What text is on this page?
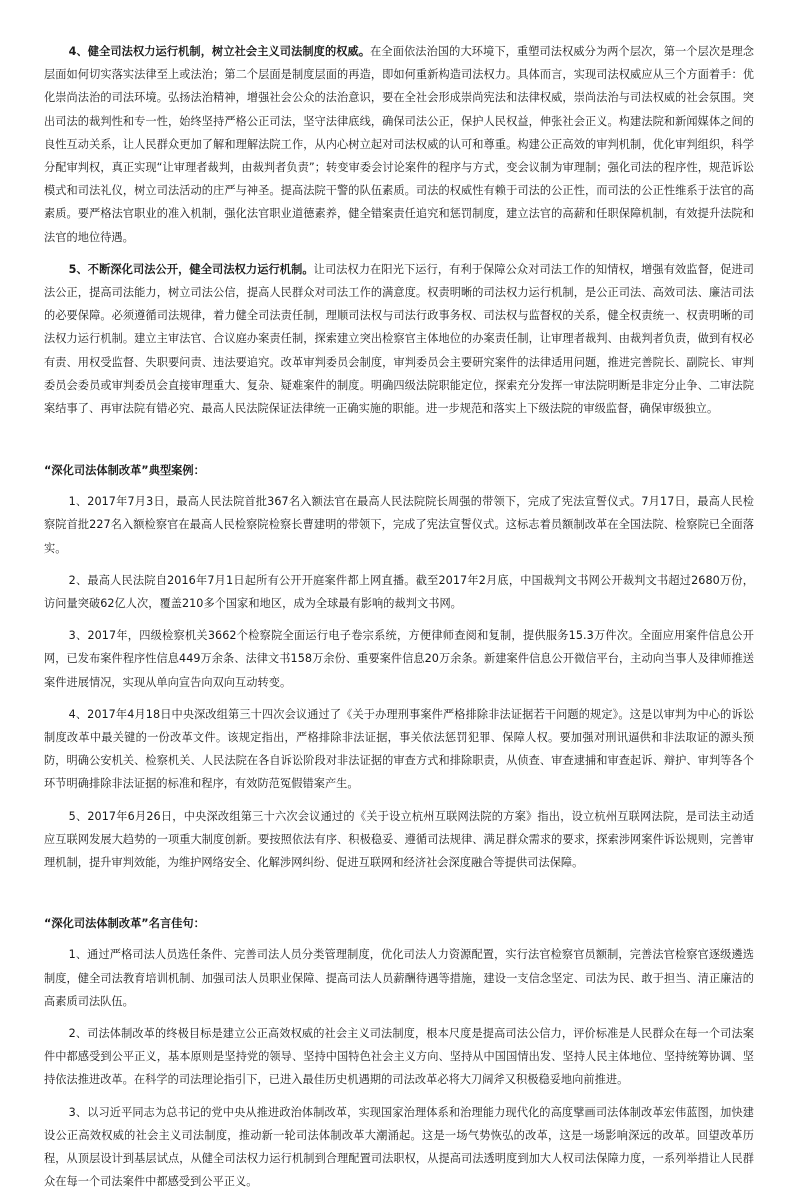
4、健全司法权力运行机制，树立社会主义司法制度的权威。在全面依法治国的大环境下，重塑司法权威分为两个层次，第一个层次是理念层面如何切实落实法律至上或法治；第二个层面是制度层面的再造，即如何重新构造司法权力。具体而言，实现司法权威应从三个方面着手：优化崇尚法治的司法环境。弘扬法治精神，增强社会公众的法治意识，要在全社会形成崇尚宪法和法律权威，崇尚法治与司法权威的社会氛围。突出司法的裁判性和专一性，始终坚持严格公正司法，坚守法律底线，确保司法公正，保护人民权益，伸张社会正义。构建法院和新闻媒体之间的良性互动关系，让人民群众更加了解和理解法院工作，从内心树立起对司法权威的认可和尊重。构建公正高效的审判机制，优化审判组织，科学分配审判权，真正实现“让审理者裁判，由裁判者负责”；转变审委会讨论案件的程序与方式，变会议制为审理制；强化司法的程序性，规范诉讼模式和司法礼仪，树立司法活动的庄严与神圣。提高法院干警的队伍素质。司法的权威性有赖于司法的公正性，而司法的公正性维系于法官的高素质。要严格法官职业的准入机制，强化法官职业道德素养，健全错案责任追究和惩罚制度，建立法官的高薪和任职保障机制，有效提升法院和法官的地位待遇。

5、不断深化司法公开，健全司法权力运行机制。让司法权力在阳光下运行，有利于保障公众对司法工作的知情权，增强有效监督，促进司法公正，提高司法能力，树立司法公信，提高人民群众对司法工作的满意度。权责明晰的司法权力运行机制，是公正司法、高效司法、廉洁司法的必要保障。必须遵循司法规律，着力健全司法责任制，理顺司法权与司法行政事务权、司法权与监督权的关系，健全权责统一、权责明晰的司法权力运行机制。建立主审法官、合议庭办案责任制，探索建立突出检察官主体地位的办案责任制，让审理者裁判、由裁判者负责，做到有权必有责、用权受监督、失职要问责、违法要追究。改革审判委员会制度，审判委员会主要研究案件的法律适用问题，推进完善院长、副院长、审判委员会委员或审判委员会直接审理重大、复杂、疑难案件的制度。明确四级法院职能定位，探索充分发挥一审法院明断是非定分止争、二审法院案结事了、再审法院有错必究、最高人民法院保证法律统一正确实施的职能。进一步规范和落实上下级法院的审级监督，确保审级独立。

“深化司法体制改革”典型案例：

1、2017年7月3日，最高人民法院首批367名入额法官在最高人民法院院长周强的带领下，完成了宪法宣誓仪式。7月17日，最高人民检察院首批227名入额检察官在最高人民检察院检察长曹建明的带领下，完成了宪法宣誓仪式。这标志着员额制改革在全国法院、检察院已全面落实。

2、最高人民法院自2016年7月1日起所有公开开庭案件都上网直播。截至2017年2月底，中国裁判文书网公开裁判文书超过2680万份，访问量突破62亿人次，覆盖210多个国家和地区，成为全球最有影响的裁判文书网。

3、2017年，四级检察机关3662个检察院全面运行电子卷宗系统，方便律师查阅和复制，提供服务15.3万件次。全面应用案件信息公开网，已发布案件程序性信息449万余条、法律文书158万余份、重要案件信息20万余条。新建案件信息公开微信平台，主动向当事人及律师推送案件进展情况，实现从单向宣告向双向互动转变。

4、2017年4月18日中央深改组第三十四次会议通过了《关于办理刑事案件严格排除非法证据若干问题的规定》。这是以审判为中心的诉讼制度改革中最关键的一份改革文件。该规定指出，严格排除非法证据，事关依法惩罚犯罪、保障人权。要加强对刑讯逼供和非法取证的源头预防，明确公安机关、检察机关、人民法院在各自诉讼阶段对非法证据的审查方式和排除职责，从侦查、审查逮捕和审查起诉、辩护、审判等各个环节明确排除非法证据的标准和程序，有效防范冤假错案产生。

5、2017年6月26日，中央深改组第三十六次会议通过的《关于设立杭州互联网法院的方案》指出，设立杭州互联网法院，是司法主动适应互联网发展大趋势的一项重大制度创新。要按照依法有序、积极稳妥、遵循司法规律、满足群众需求的要求，探索涉网案件诉讼规则，完善审理机制，提升审判效能，为维护网络安全、化解涉网纠纷、促进互联网和经济社会深度融合等提供司法保障。

“深化司法体制改革”名言佳句：

1、通过严格司法人员选任条件、完善司法人员分类管理制度，优化司法人力资源配置，实行法官检察官员额制，完善法官检察官逐级遴选制度，健全司法教育培训机制、加强司法人员职业保障、提高司法人员薪酬待遇等措施，建设一支信念坚定、司法为民、敢于担当、清正廉洁的高素质司法队伍。

2、司法体制改革的终极目标是建立公正高效权威的社会主义司法制度，根本尺度是提高司法公信力，评价标准是人民群众在每一个司法案件中都感受到公平正义，基本原则是坚持党的领导、坚持中国特色社会主义方向、坚持从中国国情出发、坚持人民主体地位、坚持统筹协调、坚持依法推进改革。在科学的司法理论指引下，已进入最佳历史机遇期的司法改革必将大刀阔斧又积极稳妥地向前推进。

3、以习近平同志为总书记的党中央从推进政治体制改革，实现国家治理体系和治理能力现代化的高度擘画司法体制改革宏伟蓝图，加快建设公正高效权威的社会主义司法制度，推动新一轮司法体制改革大潮涌起。这是一场气势恢弘的改革，这是一场影响深远的改革。回望改革历程，从顶层设计到基层试点，从健全司法权力运行机制到合理配置司法职权，从提高司法透明度到加大人权司法保障力度，一系列举措让人民群众在每一个司法案件中都感受到公平正义。
